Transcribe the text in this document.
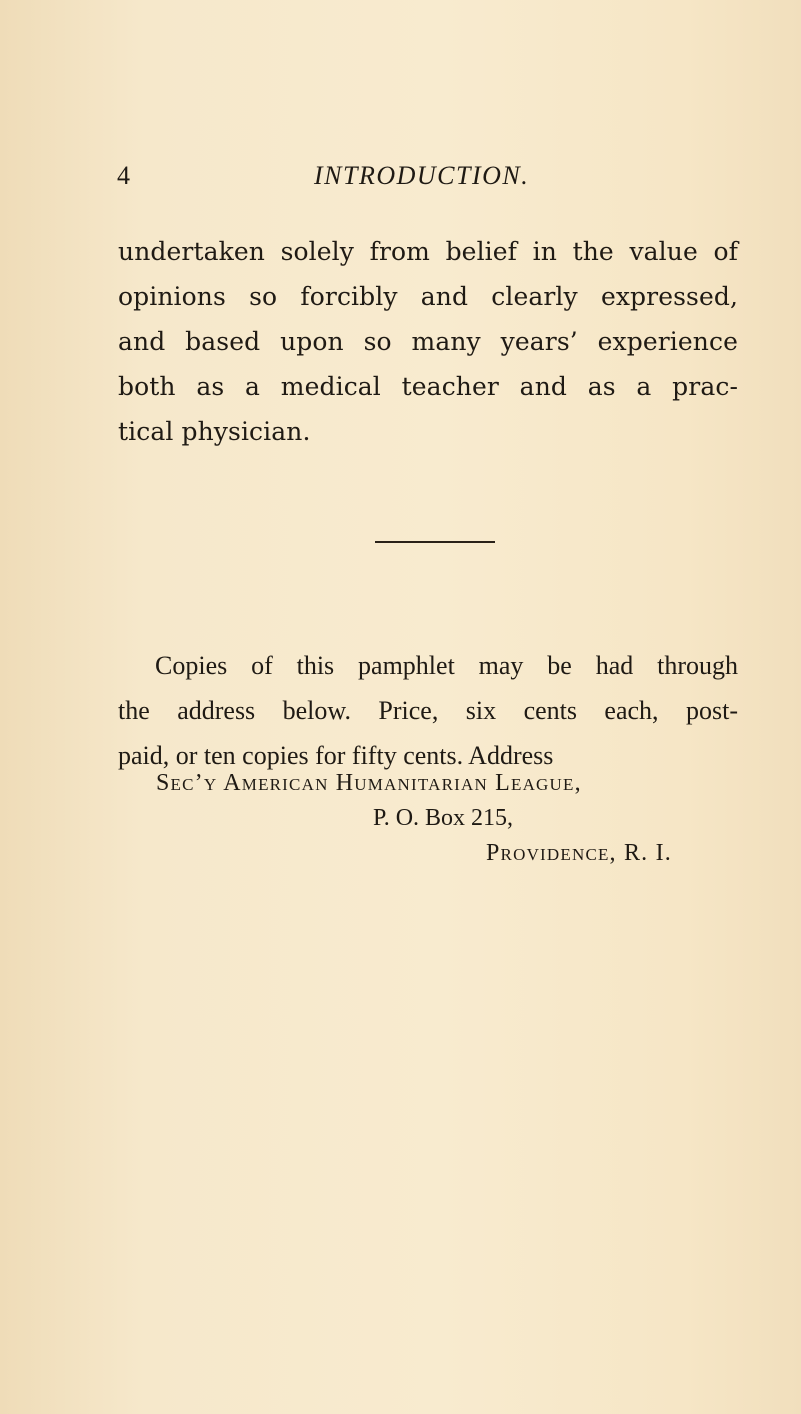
4	INTRODUCTION.
undertaken solely from belief in the value of
opinions so forcibly and clearly expressed,
and based upon so many years’ experience
both as a medical teacher and as a prac-
tical physician.
Copies of this pamphlet may be had through
the address below. Price, six cents each, post-
paid, or ten copies for fifty cents. Address
Sec’y American Humanitarian League,
P. O. Box 215,
Providence, R. I.
